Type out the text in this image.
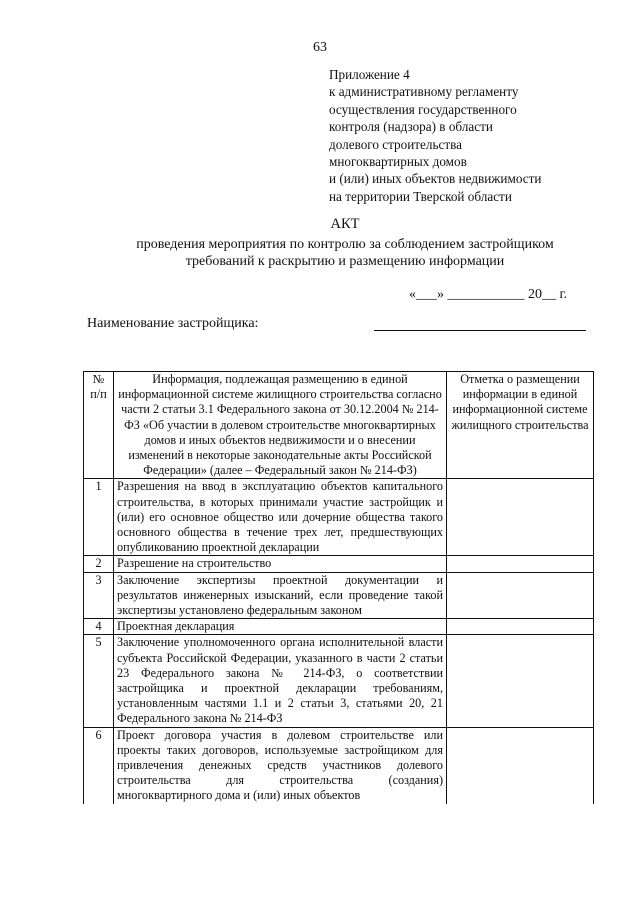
63
Приложение 4
к административному регламенту
осуществления государственного
контроля (надзора) в области
долевого строительства
многоквартирных домов
и (или) иных объектов недвижимости
на территории Тверской области
АКТ
проведения мероприятия по контролю за соблюдением застройщиком
требований к раскрытию и размещению информации
«___» ___________ 20__ г.
Наименование застройщика:
№ п/п	Информация, подлежащая размещению в единой информационной системе жилищного строительства согласно части 2 статьи 3.1 Федерального закона от 30.12.2004 № 214-ФЗ «Об участии в долевом строительстве многоквартирных домов и иных объектов недвижимости и о внесении изменений в некоторые законодательные акты Российской Федерации» (далее – Федеральный закон № 214-ФЗ)	Отметка о размещении информации в единой информационной системе жилищного строительства
1	Разрешения на ввод в эксплуатацию объектов капитального строительства, в которых принимали участие застройщик и (или) его основное общество или дочерние общества такого основного общества в течение трех лет, предшествующих опубликованию проектной декларации	
2	Разрешение на строительство	
3	Заключение экспертизы проектной документации и результатов инженерных изысканий, если проведение такой экспертизы установлено федеральным законом	
4	Проектная декларация	
5	Заключение уполномоченного органа исполнительной власти субъекта Российской Федерации, указанного в части 2 статьи 23 Федерального закона № 214-ФЗ, о соответствии застройщика и проектной декларации требованиям, установленным частями 1.1 и 2 статьи 3, статьями 20, 21 Федерального закона № 214-ФЗ	
6	Проект договора участия в долевом строительстве или проекты таких договоров, используемые застройщиком для привлечения денежных средств участников долевого строительства для строительства (создания) многоквартирного дома и (или) иных объектов	
